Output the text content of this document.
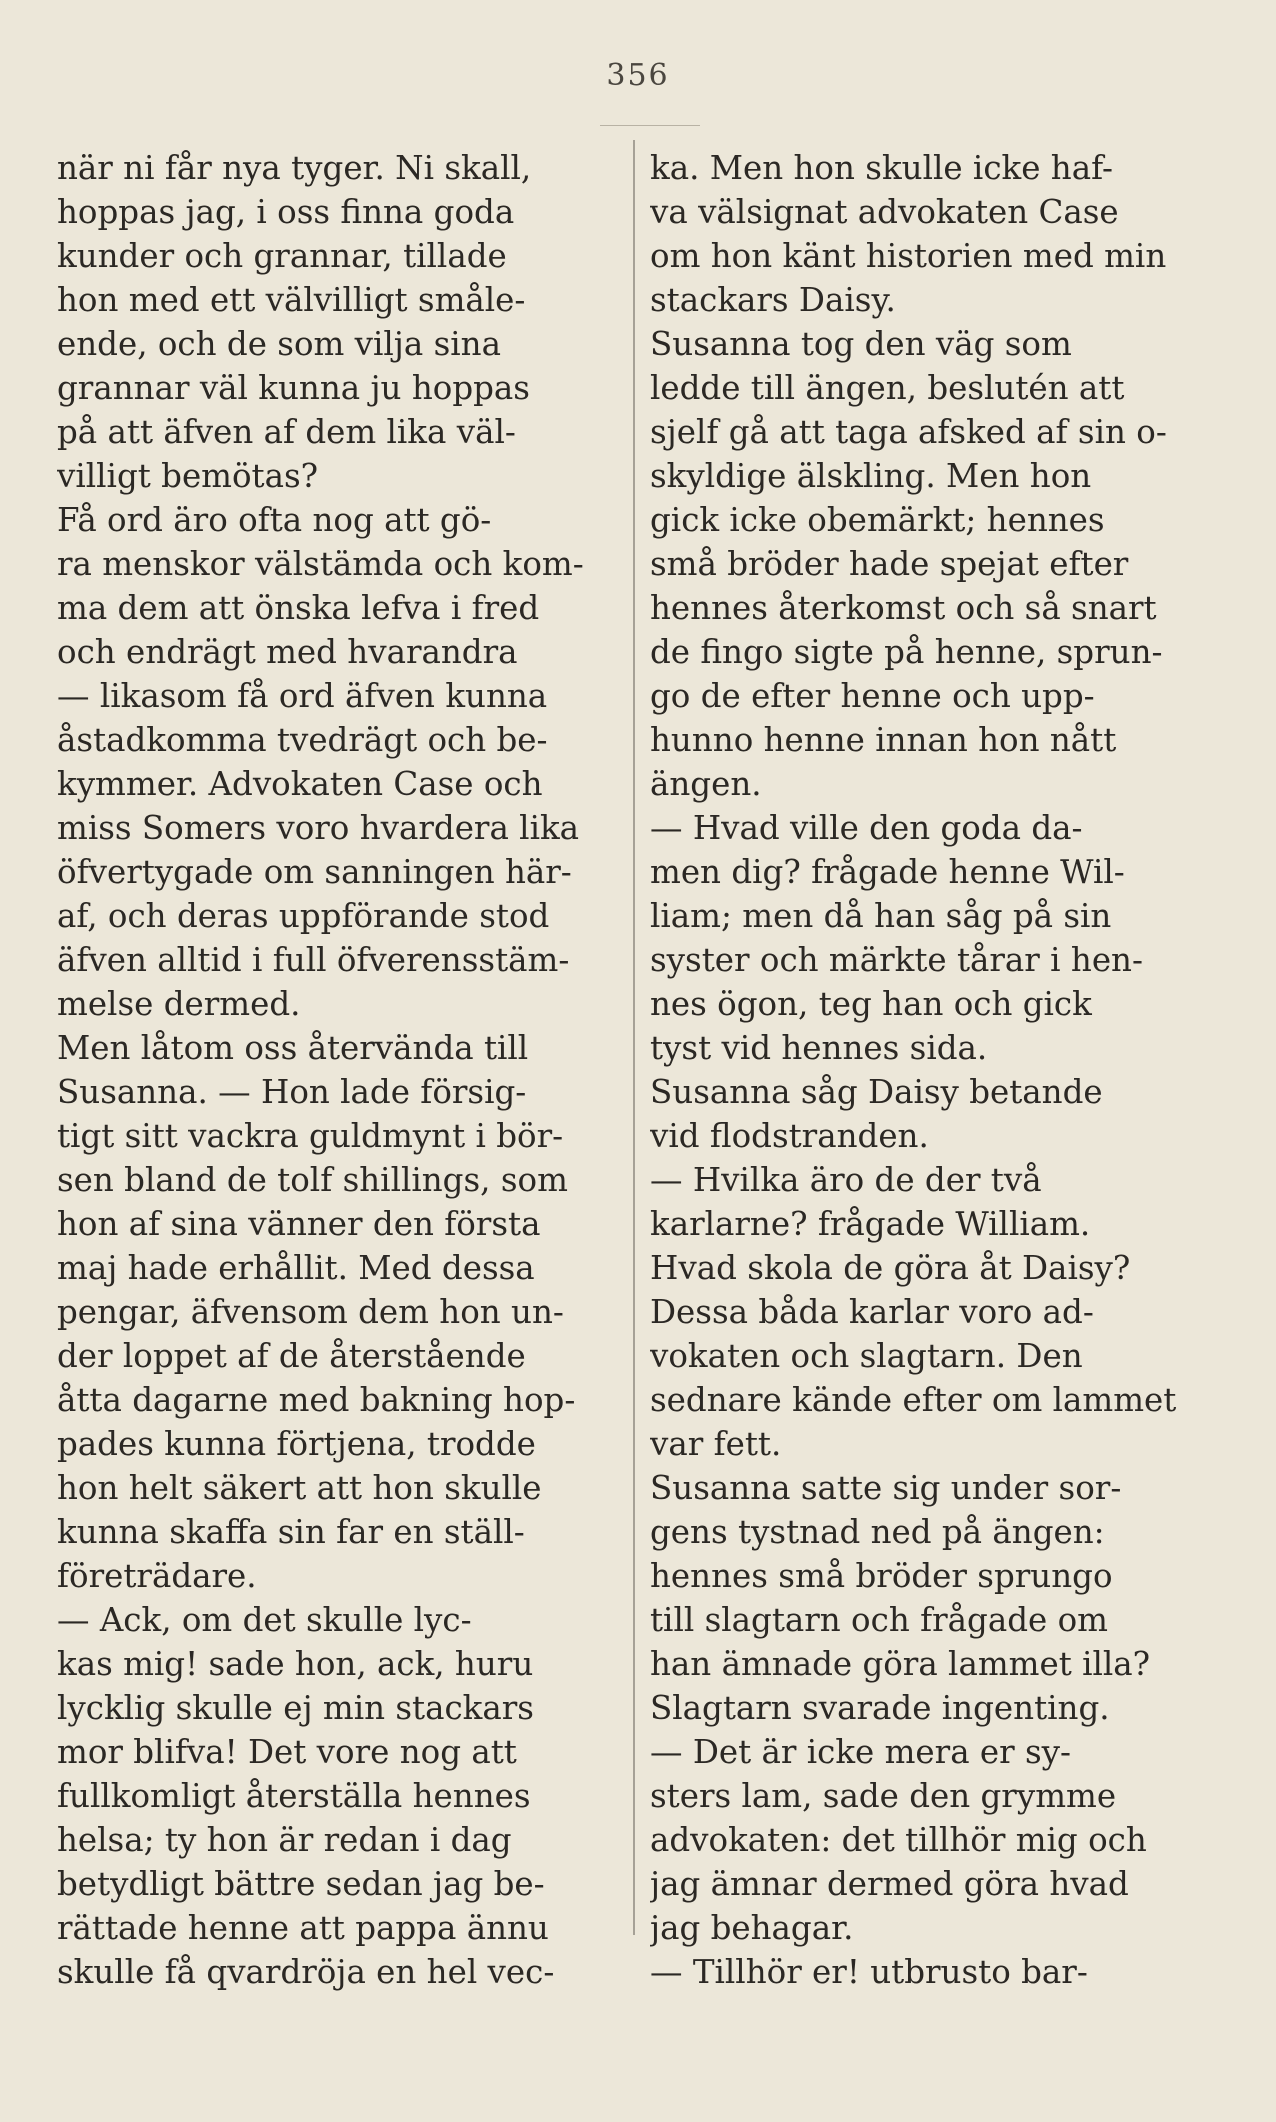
356
när ni får nya tyger. Ni skall,
hoppas jag, i oss finna goda
kunder och grannar, tillade
hon med ett välvilligt småle-
ende, och de som vilja sina
grannar väl kunna ju hoppas
på att äfven af dem lika väl-
villigt bemötas?
Få ord äro ofta nog att gö-
ra menskor välstämda och kom-
ma dem att önska lefva i fred
och endrägt med hvarandra
— likasom få ord äfven kunna
åstadkomma tvedrägt och be-
kymmer. Advokaten Case och
miss Somers voro hvardera lika
öfvertygade om sanningen här-
af, och deras uppförande stod
äfven alltid i full öfverensstäm-
melse dermed.
Men låtom oss återvända till
Susanna. — Hon lade försig-
tigt sitt vackra guldmynt i bör-
sen bland de tolf shillings, som
hon af sina vänner den första
maj hade erhållit. Med dessa
pengar, äfvensom dem hon un-
der loppet af de återstående
åtta dagarne med bakning hop-
pades kunna förtjena, trodde
hon helt säkert att hon skulle
kunna skaffa sin far en ställ-
företrädare.
— Ack, om det skulle lyc-
kas mig! sade hon, ack, huru
lycklig skulle ej min stackars
mor blifva! Det vore nog att
fullkomligt återställa hennes
helsa; ty hon är redan i dag
betydligt bättre sedan jag be-
rättade henne att pappa ännu
skulle få qvardröja en hel vec-
ka. Men hon skulle icke haf-
va välsignat advokaten Case
om hon känt historien med min
stackars Daisy.
Susanna tog den väg som
ledde till ängen, beslutén att
sjelf gå att taga afsked af sin o-
skyldige älskling. Men hon
gick icke obemärkt; hennes
små bröder hade spejat efter
hennes återkomst och så snart
de fingo sigte på henne, sprun-
go de efter henne och upp-
hunno henne innan hon nått
ängen.
— Hvad ville den goda da-
men dig? frågade henne Wil-
liam; men då han såg på sin
syster och märkte tårar i hen-
nes ögon, teg han och gick
tyst vid hennes sida.
Susanna såg Daisy betande
vid flodstranden.
— Hvilka äro de der två
karlarne? frågade William.
Hvad skola de göra åt Daisy?
Dessa båda karlar voro ad-
vokaten och slagtarn. Den
sednare kände efter om lammet
var fett.
Susanna satte sig under sor-
gens tystnad ned på ängen:
hennes små bröder sprungo
till slagtarn och frågade om
han ämnade göra lammet illa?
Slagtarn svarade ingenting.
— Det är icke mera er sy-
sters lam, sade den grymme
advokaten: det tillhör mig och
jag ämnar dermed göra hvad
jag behagar.
— Tillhör er! utbrusto bar-
